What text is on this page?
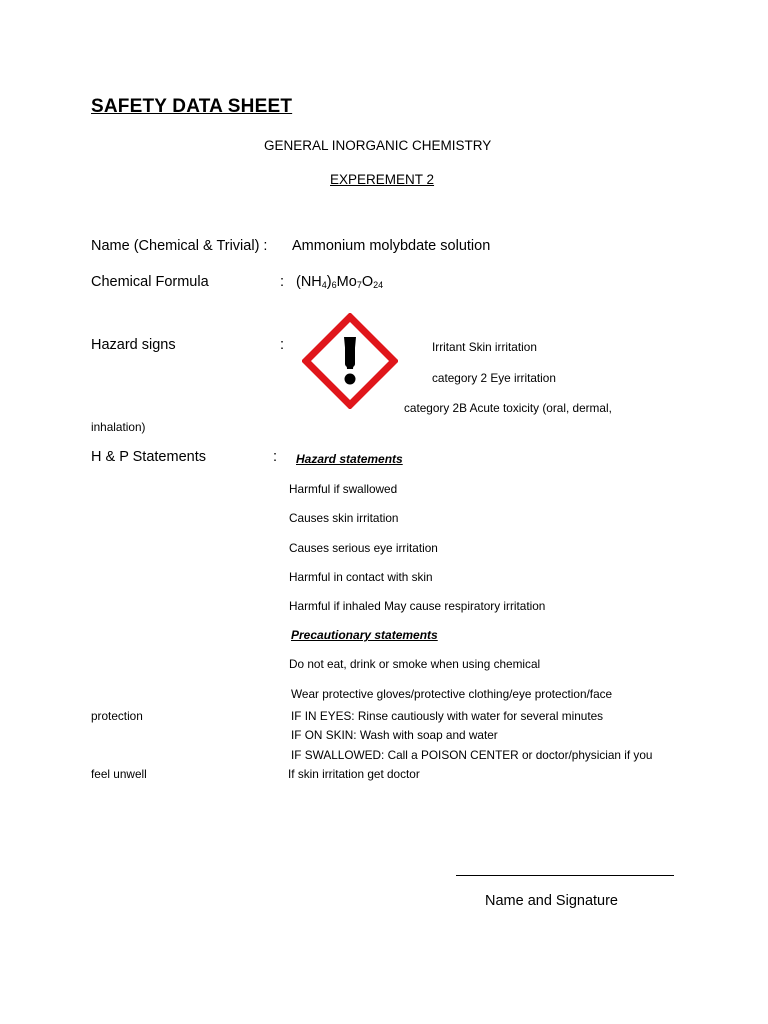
SAFETY DATA SHEET
GENERAL INORGANIC CHEMISTRY
EXPEREMENT 2
Name (Chemical & Trivial) : Ammonium molybdate solution
Chemical Formula	: $(NH_4)_6Mo_7O_{24}$
Hazard signs	:	Irritant Skin irritation
category 2 Eye irritation
category 2B Acute toxicity (oral, dermal,
inhalation)
H & P Statements	: Hazard statements
Harmful if swallowed
Causes skin irritation
Causes serious eye irritation
Harmful in contact with skin
Harmful if inhaled May cause respiratory irritation
Precautionary statements
Do not eat, drink or smoke when using chemical
Wear protective gloves/protective clothing/eye protection/face
protection	IF IN EYES: Rinse cautiously with water for several minutes
IF ON SKIN: Wash with soap and water
IF SWALLOWED: Call a POISON CENTER or doctor/physician if you
feel unwell	If skin irritation get doctor
Name and Signature
